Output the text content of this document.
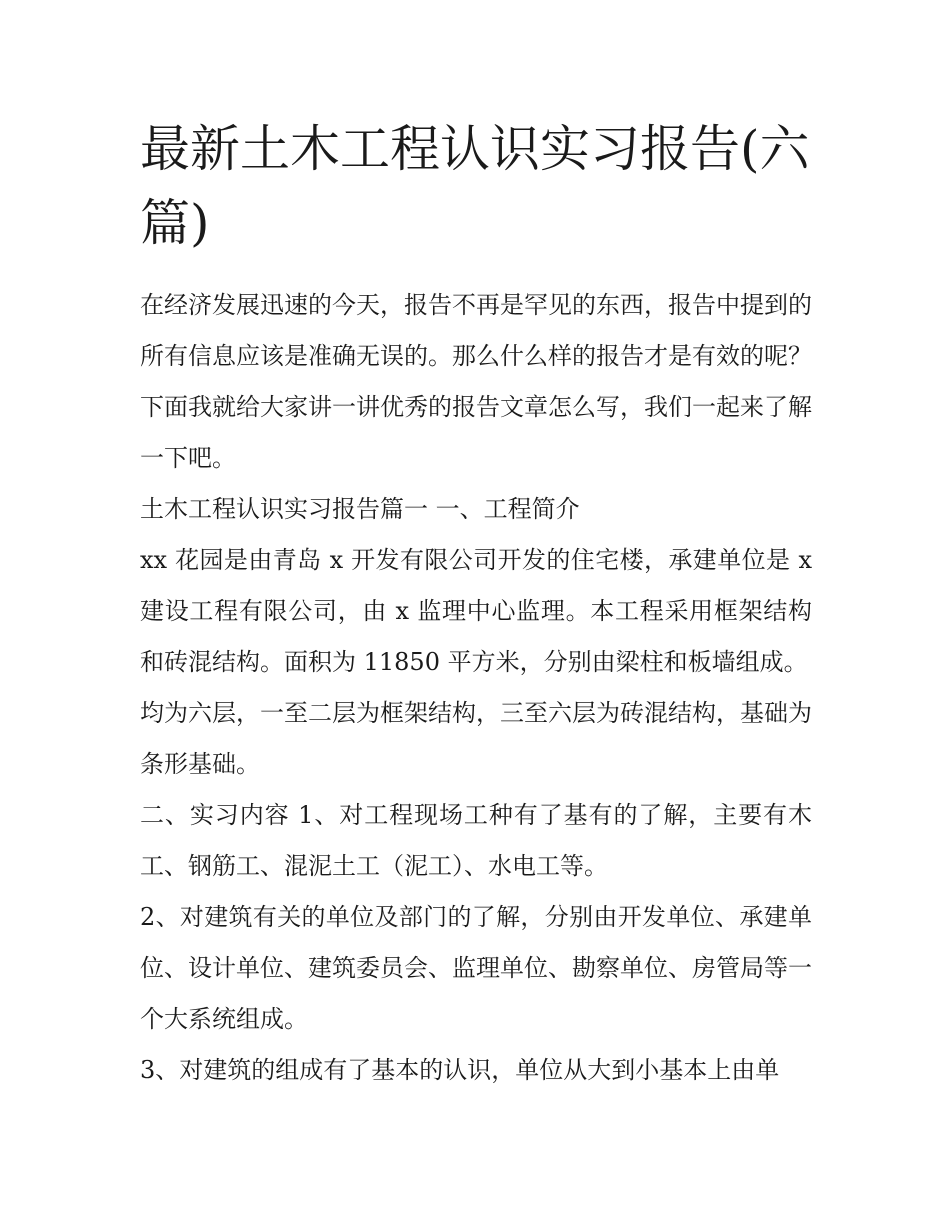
最新土木工程认识实习报告(六篇)

在经济发展迅速的今天，报告不再是罕见的东西，报告中提到的所有信息应该是准确无误的。那么什么样的报告才是有效的呢？下面我就给大家讲一讲优秀的报告文章怎么写，我们一起来了解一下吧。

土木工程认识实习报告篇一 一、工程简介

xx 花园是由青岛 x 开发有限公司开发的住宅楼，承建单位是 x 建设工程有限公司，由 x 监理中心监理。本工程采用框架结构和砖混结构。面积为 11850 平方米，分别由梁柱和板墙组成。

均为六层，一至二层为框架结构，三至六层为砖混结构，基础为条形基础。

二、实习内容 1、对工程现场工种有了基有的了解，主要有木工、钢筋工、混泥土工（泥工）、水电工等。

2、对建筑有关的单位及部门的了解，分别由开发单位、承建单位、设计单位、建筑委员会、监理单位、勘察单位、房管局等一个大系统组成。

3、对建筑的组成有了基本的认识，单位从大到小基本上由单
